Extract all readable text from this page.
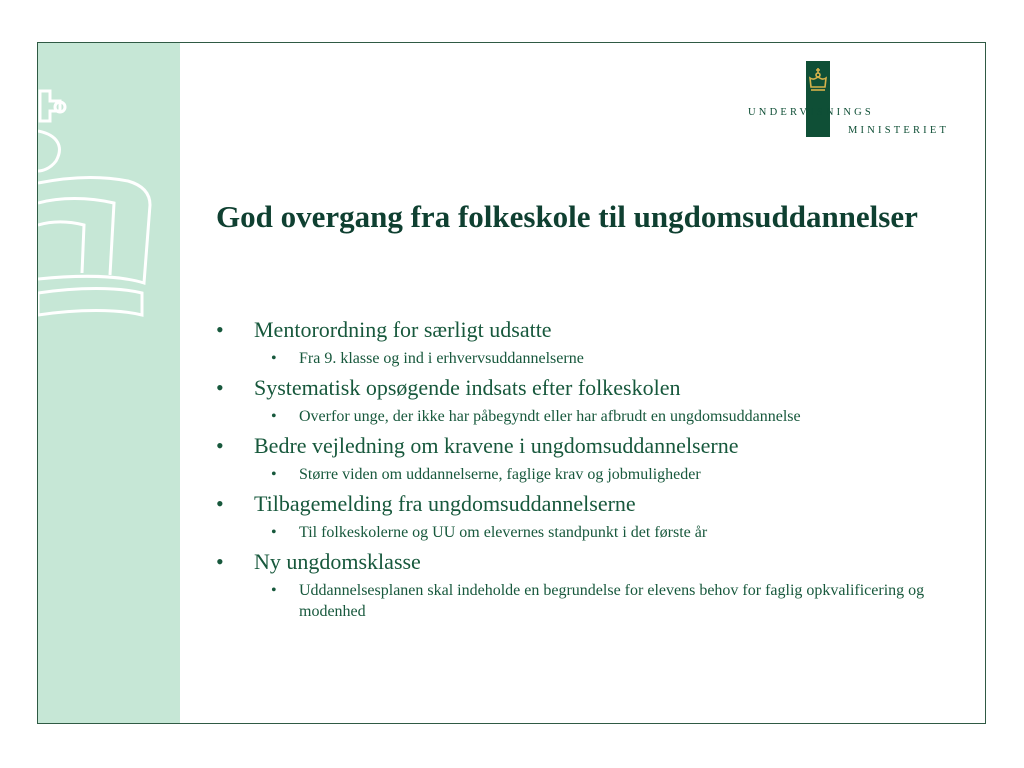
UNDERVISNINGS
MINISTERIET
God overgang fra folkeskole til ungdomsuddannelser
• Mentorordning for særligt udsatte
• Fra 9. klasse og ind i erhvervsuddannelserne
• Systematisk opsøgende indsats efter folkeskolen
• Overfor unge, der ikke har påbegyndt eller har afbrudt en ungdomsuddannelse
• Bedre vejledning om kravene i ungdomsuddannelserne
• Større viden om uddannelserne, faglige krav og jobmuligheder
• Tilbagemelding fra ungdomsuddannelserne
• Til folkeskolerne og UU om elevernes standpunkt i det første år
• Ny ungdomsklasse
• Uddannelsesplanen skal indeholde en begrundelse for elevens behov for faglig opkvalificering og modenhed
